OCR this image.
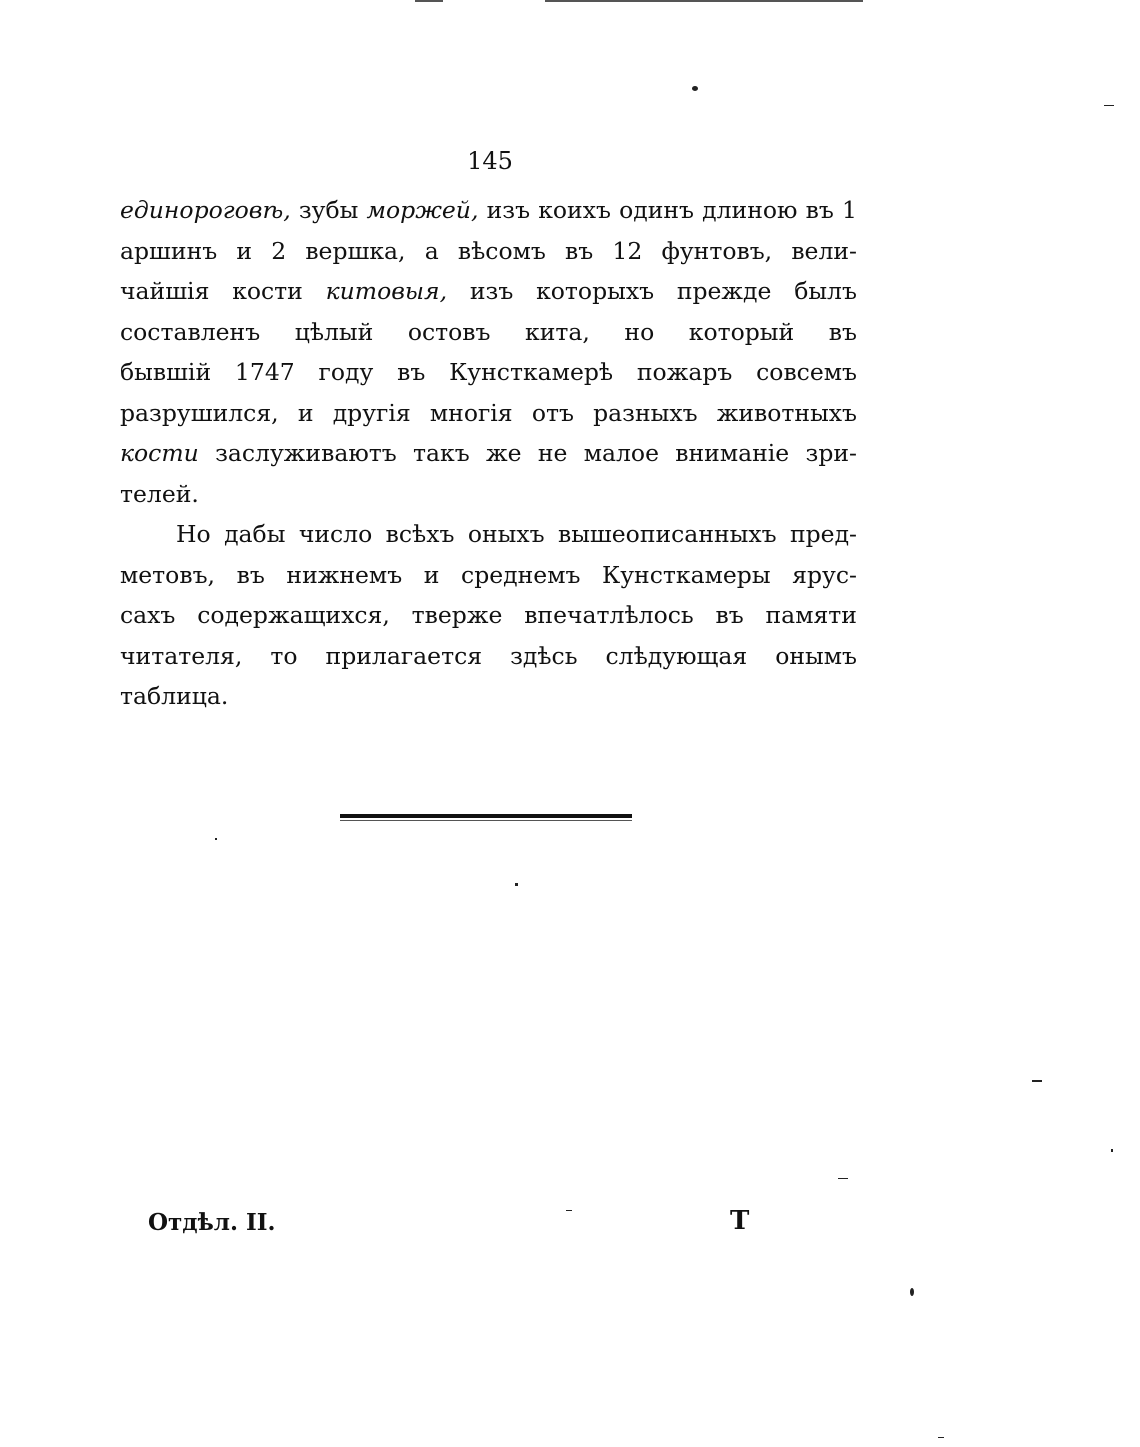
145
единороговѣ, зубы моржей, изъ коихъ одинъ длиною въ 1
аршинъ и 2 вершка, а вѣсомъ въ 12 фунтовъ, вели-
чайшія кости китовыя, изъ которыхъ прежде былъ
составленъ цѣлый остовъ кита, но который въ
бывшій 1747 году въ Кунсткамерѣ пожаръ совсемъ
разрушился, и другія многія отъ разныхъ животныхъ
кости заслуживаютъ такъ же не малое вниманіе зри-
телей.
Но дабы число всѣхъ оныхъ вышеописанныхъ пред-
метовъ, въ нижнемъ и среднемъ Кунсткамеры ярус-
сахъ содержащихся, тверже впечатлѣлось въ памяти
читателя, то прилагается здѣсь слѣдующая онымъ
таблица.
Отдѣл. II.	Т
